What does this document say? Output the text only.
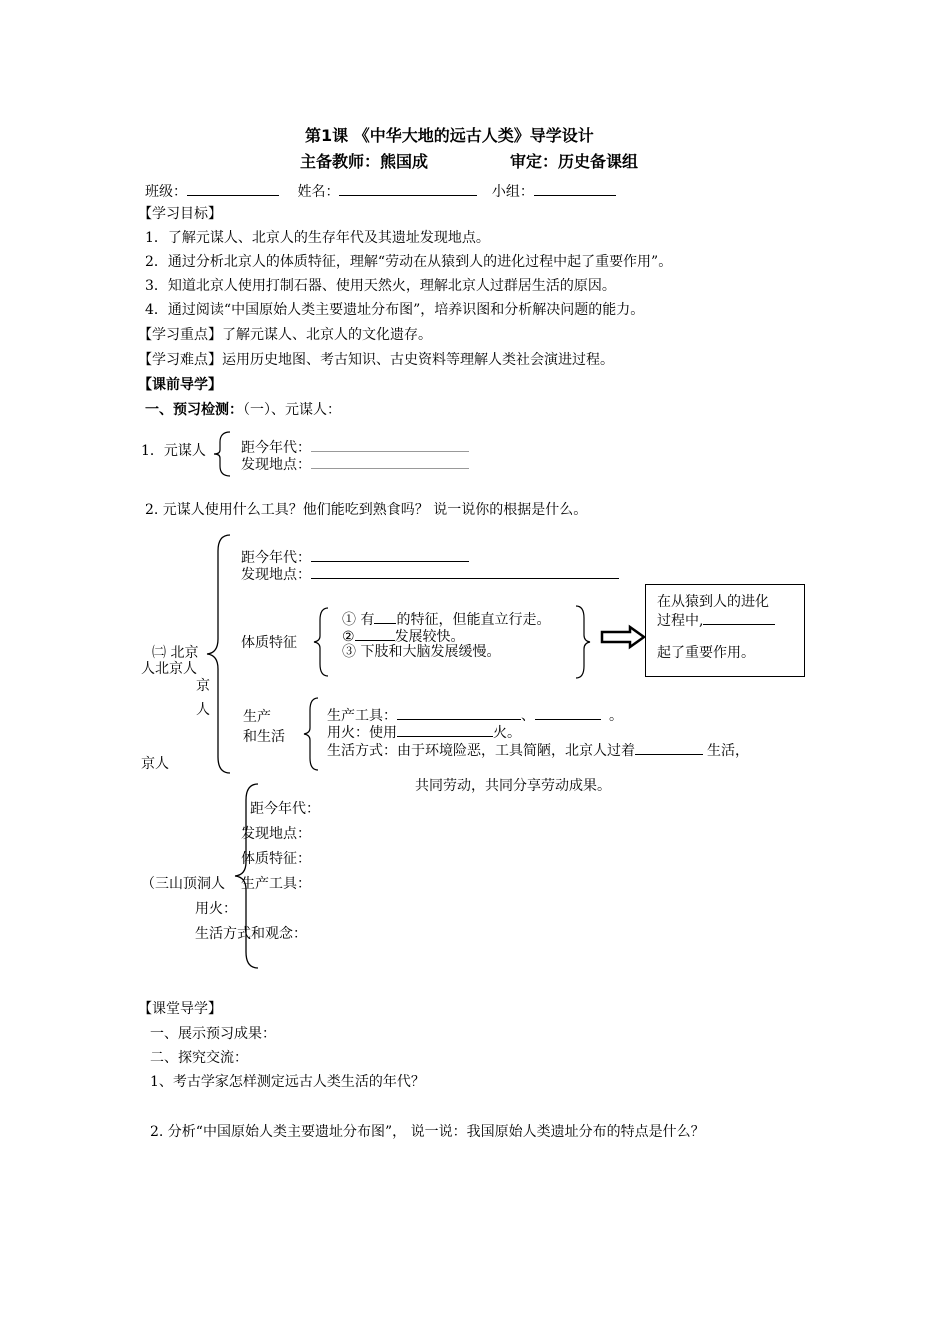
第1课 《中华大地的远古人类》导学设计
主备教师：熊国成	审定：历史备课组
班级：	姓名：	小组：
【学习目标】
1．了解元谋人、北京人的生存年代及其遗址发现地点。
2．通过分析北京人的体质特征，理解“劳动在从猿到人的进化过程中起了重要作用”。
3．知道北京人使用打制石器、使用天然火，理解北京人过群居生活的原因。
4．通过阅读“中国原始人类主要遗址分布图”，培养识图和分析解决问题的能力。
【学习重点】了解元谋人、北京人的文化遗存。
【学习难点】运用历史地图、考古知识、古史资料等理解人类社会演进过程。
【课前导学】
一、预习检测：（一）、元谋人：
1．元谋人	距今年代：
发现地点：
2. 元谋人使用什么工具？他们能吃到熟食吗？ 说一说你的根据是什么。
㈡ 北京
人北京人
京
人
京人
距今年代：
发现地点：
体质特征
① 有 的特征，但能直立行走。
②	发展较快。
③ 下肢和大脑发展缓慢。
在从猿到人的进化
过程中,
起了重要作用。
生产
和生活
生产工具：	、	。
用火：使用	火。
生活方式：由于环境险恶，工具简陋，北京人过着	生活，
共同劳动，共同分享劳动成果。
距今年代：
发现地点：
体质特征：
（三山顶洞人 生产工具：
用火：
生活方式和观念：
【课堂导学】
一、展示预习成果：
二、探究交流：
1、考古学家怎样测定远古人类生活的年代？
2. 分析“中国原始人类主要遗址分布图”， 说一说：我国原始人类遗址分布的特点是什么？
